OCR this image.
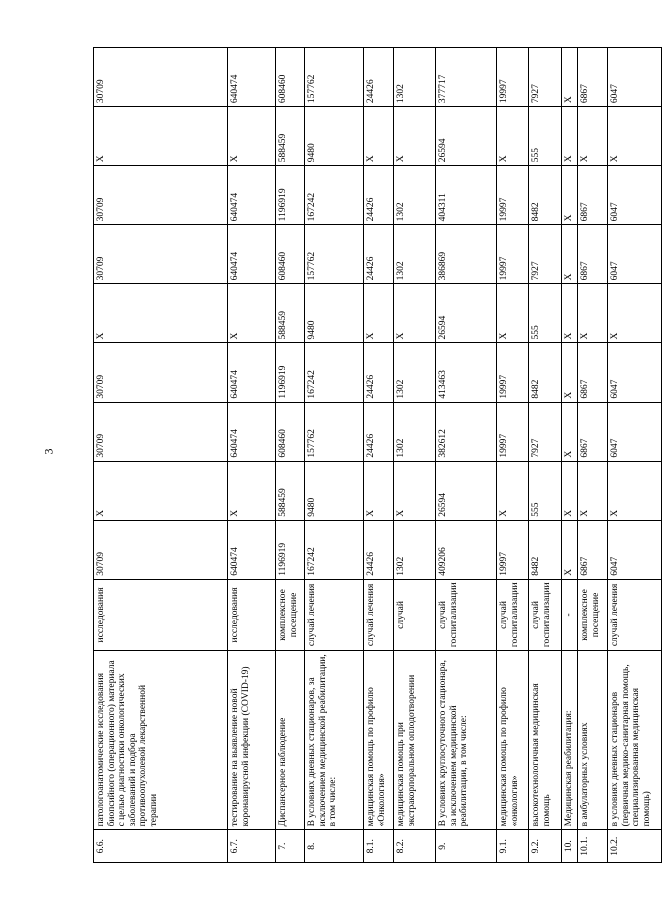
3
6.6.	патологоанатомические исследования биопсийного (операционного) материала с целью диагностики онкологических заболеваний и подбора противоопухолевой лекарственной терапии	исследования	30709	X	30709	30709	X	30709	30709	X	30709
6.7.	тестирование на выявление новой коронавирусной инфекции (COVID-19)	исследования	640474	X	640474	640474	X	640474	640474	X	640474
7.	Диспансерное наблюдение	комплексное посещение	1196919	588459	608460	1196919	588459	608460	1196919	588459	608460
8.	В условиях дневных стационаров, за исключением медицинской реабилитации, в том числе:	случай лечения	167242	9480	157762	167242	9480	157762	167242	9480	157762
8.1.	медицинская помощь по профилю «Онкология»	случай лечения	24426	X	24426	24426	X	24426	24426	X	24426
8.2.	медицинская помощь при экстракорпоральном оплодотворении	случай	1302	X	1302	1302	X	1302	1302	X	1302
9.	В условиях круглосуточного стационара, за исключением медицинской реабилитации, в том числе:	случай госпитализации	409206	26594	382612	413463	26594	386869	404311	26594	377717
9.1.	медицинская помощь по профилю «онкология»	случай госпитализации	19997	X	19997	19997	X	19997	19997	X	19997
9.2.	высокотехнологичная медицинская помощь	случай госпитализации	8482	555	7927	8482	555	7927	8482	555	7927
10.	Медицинская реабилитация:	-	X	X	X	X	X	X	X	X	X
10.1.	в амбулаторных условиях	комплексное посещение	6867	X	6867	6867	X	6867	6867	X	6867
10.2.	в условиях дневных стационаров (первичная медико-санитарная помощь, специализированная медицинская помощь)	случай лечения	6047	X	6047	6047	X	6047	6047	X	6047
